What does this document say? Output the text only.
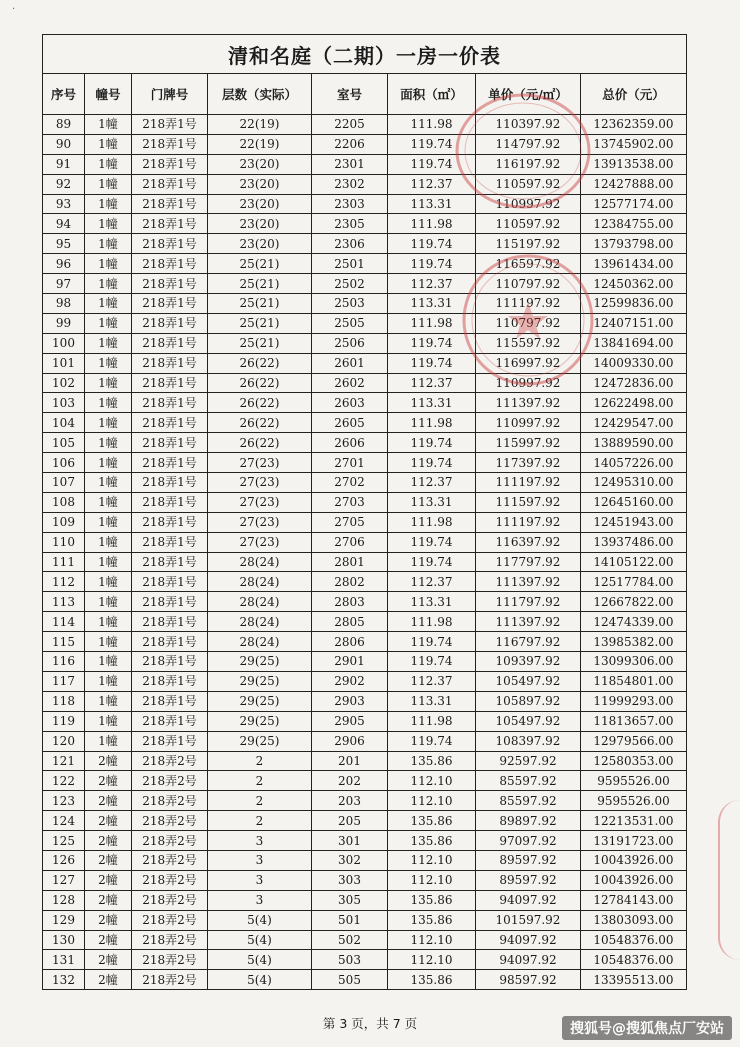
·
清和名庭（二期）一房一价表							
序号	幢号	门牌号	层数（实际）	室号	面积（㎡）	单价（元/㎡）	总价（元）
89	1幢	218弄1号	22(19)	2205	111.98	110397.92	12362359.00
90	1幢	218弄1号	22(19)	2206	119.74	114797.92	13745902.00
91	1幢	218弄1号	23(20)	2301	119.74	116197.92	13913538.00
92	1幢	218弄1号	23(20)	2302	112.37	110597.92	12427888.00
93	1幢	218弄1号	23(20)	2303	113.31	110997.92	12577174.00
94	1幢	218弄1号	23(20)	2305	111.98	110597.92	12384755.00
95	1幢	218弄1号	23(20)	2306	119.74	115197.92	13793798.00
96	1幢	218弄1号	25(21)	2501	119.74	116597.92	13961434.00
97	1幢	218弄1号	25(21)	2502	112.37	110797.92	12450362.00
98	1幢	218弄1号	25(21)	2503	113.31	111197.92	12599836.00
99	1幢	218弄1号	25(21)	2505	111.98	110797.92	12407151.00
100	1幢	218弄1号	25(21)	2506	119.74	115597.92	13841694.00
101	1幢	218弄1号	26(22)	2601	119.74	116997.92	14009330.00
102	1幢	218弄1号	26(22)	2602	112.37	110997.92	12472836.00
103	1幢	218弄1号	26(22)	2603	113.31	111397.92	12622498.00
104	1幢	218弄1号	26(22)	2605	111.98	110997.92	12429547.00
105	1幢	218弄1号	26(22)	2606	119.74	115997.92	13889590.00
106	1幢	218弄1号	27(23)	2701	119.74	117397.92	14057226.00
107	1幢	218弄1号	27(23)	2702	112.37	111197.92	12495310.00
108	1幢	218弄1号	27(23)	2703	113.31	111597.92	12645160.00
109	1幢	218弄1号	27(23)	2705	111.98	111197.92	12451943.00
110	1幢	218弄1号	27(23)	2706	119.74	116397.92	13937486.00
111	1幢	218弄1号	28(24)	2801	119.74	117797.92	14105122.00
112	1幢	218弄1号	28(24)	2802	112.37	111397.92	12517784.00
113	1幢	218弄1号	28(24)	2803	113.31	111797.92	12667822.00
114	1幢	218弄1号	28(24)	2805	111.98	111397.92	12474339.00
115	1幢	218弄1号	28(24)	2806	119.74	116797.92	13985382.00
116	1幢	218弄1号	29(25)	2901	119.74	109397.92	13099306.00
117	1幢	218弄1号	29(25)	2902	112.37	105497.92	11854801.00
118	1幢	218弄1号	29(25)	2903	113.31	105897.92	11999293.00
119	1幢	218弄1号	29(25)	2905	111.98	105497.92	11813657.00
120	1幢	218弄1号	29(25)	2906	119.74	108397.92	12979566.00
121	2幢	218弄2号	2	201	135.86	92597.92	12580353.00
122	2幢	218弄2号	2	202	112.10	85597.92	9595526.00
123	2幢	218弄2号	2	203	112.10	85597.92	9595526.00
124	2幢	218弄2号	2	205	135.86	89897.92	12213531.00
125	2幢	218弄2号	3	301	135.86	97097.92	13191723.00
126	2幢	218弄2号	3	302	112.10	89597.92	10043926.00
127	2幢	218弄2号	3	303	112.10	89597.92	10043926.00
128	2幢	218弄2号	3	305	135.86	94097.92	12784143.00
129	2幢	218弄2号	5(4)	501	135.86	101597.92	13803093.00
130	2幢	218弄2号	5(4)	502	112.10	94097.92	10548376.00
131	2幢	218弄2号	5(4)	503	112.10	94097.92	10548376.00
132	2幢	218弄2号	5(4)	505	135.86	98597.92	13395513.00
第 3 页，共 7 页	搜狐号@搜狐焦点厂安站
